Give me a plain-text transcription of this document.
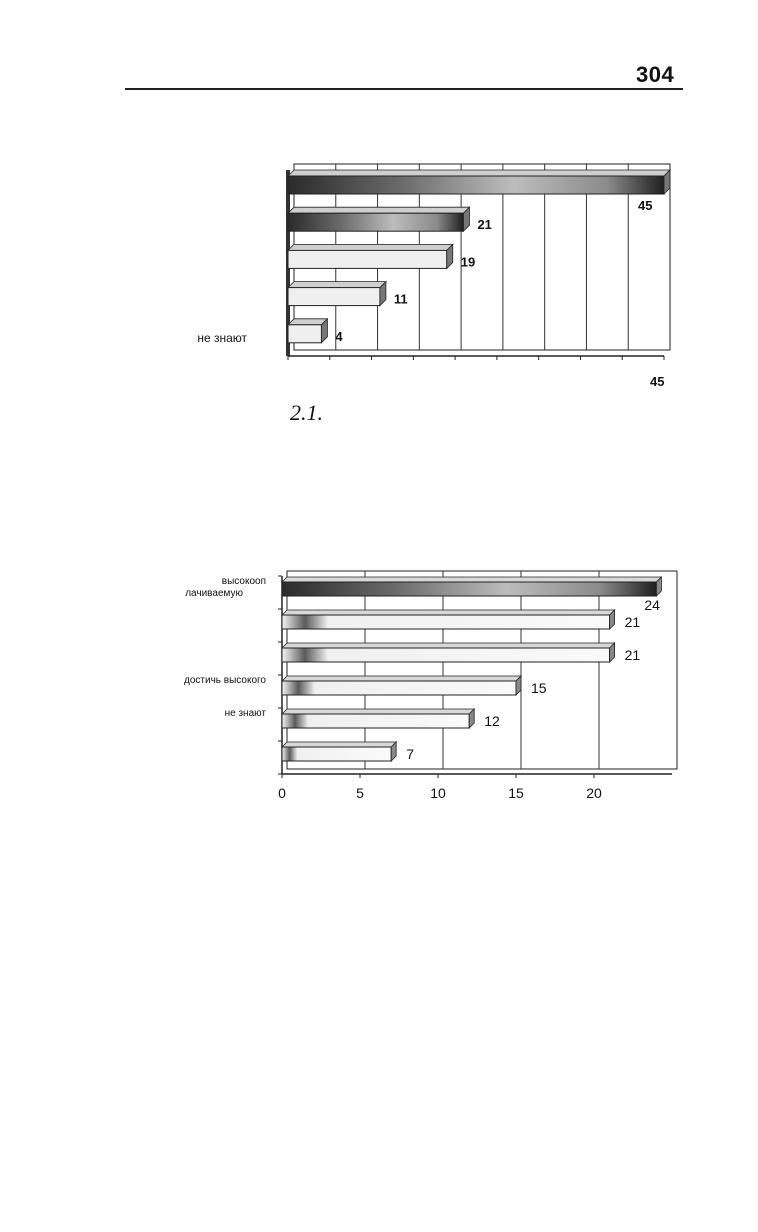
304
45
45
21
19
11
4
не знают
2.1.
0	5	10	15	20
24
высокооп лачиваемую
21
21
15
достичь высокого
12
не знают
7
